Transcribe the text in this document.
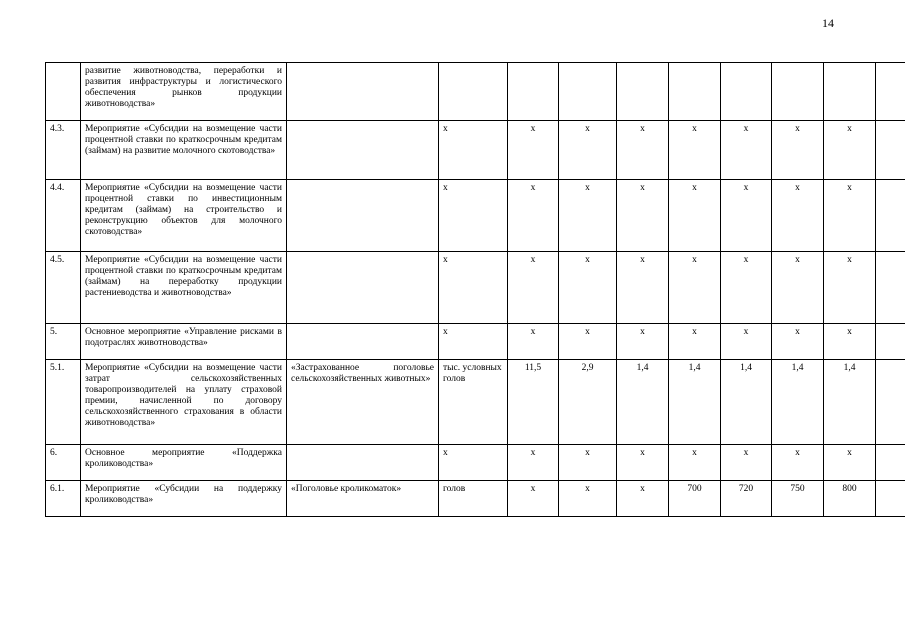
14
	развитие животноводства, переработки и развития инфраструктуры и логистического обеспечения рынков продукции животноводства»										
4.3.	Мероприятие «Субсидии на возмещение части процентной ставки по краткосрочным кредитам (займам) на развитие молочного скотоводства»		x	x	x	x	x	x	x	x	
4.4.	Мероприятие «Субсидии на возмещение части процентной ставки по инвестиционным кредитам (займам) на строительство и реконструкцию объектов для молочного скотоводства»		x	x	x	x	x	x	x	x	
4.5.	Мероприятие «Субсидии на возмещение части процентной ставки по краткосрочным кредитам (займам) на переработку продукции растениеводства и животноводства»		x	x	x	x	x	x	x	x	
5.	Основное мероприятие «Управление рисками в подотраслях животноводства»		x	x	x	x	x	x	x	x	
5.1.	Мероприятие «Субсидии на возмещение части затрат сельскохозяйственных товаропроизводителей на уплату страховой премии, начисленной по договору сельскохозяйственного страхования в области животноводства»	«Застрахованное поголовье сельскохозяйственных животных»	тыс. условных голов	11,5	2,9	1,4	1,4	1,4	1,4	1,4	
6.	Основное мероприятие «Поддержка кролиководства»		x	x	x	x	x	x	x	x	
6.1.	Мероприятие «Субсидии на поддержку кролиководства»	«Поголовье кроликоматок»	голов	x	x	x	700	720	750	800	
